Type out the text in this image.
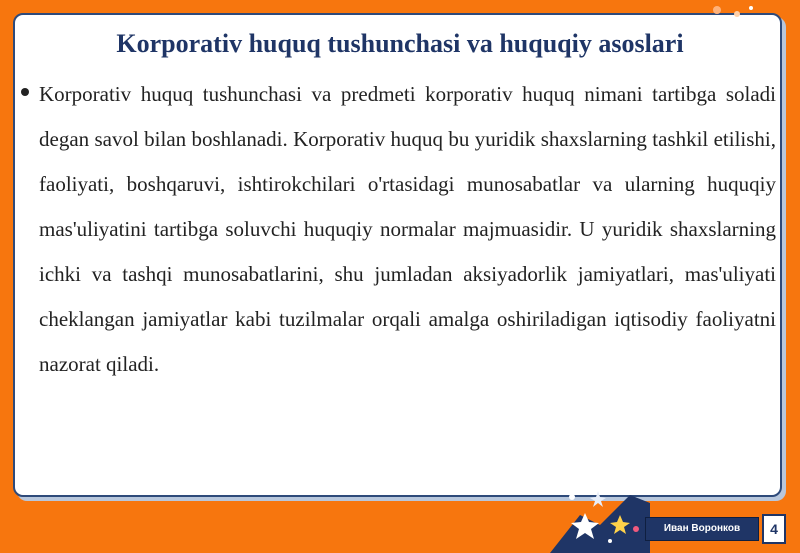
Korporativ huquq tushunchasi va huquqiy asoslari

Korporativ huquq tushunchasi va predmeti korporativ huquq nimani tartibga soladi degan savol bilan boshlanadi. Korporativ huquq bu yuridik shaxslarning tashkil etilishi, faoliyati, boshqaruvi, ishtirokchilari o'rtasidagi munosabatlar va ularning huquqiy mas'uliyatini tartibga soluvchi huquqiy normalar majmuasidir. U yuridik shaxslarning ichki va tashqi munosabatlarini, shu jumladan aksiyadorlik jamiyatlari, mas'uliyati cheklangan jamiyatlar kabi tuzilmalar orqali amalga oshiriladigan iqtisodiy faoliyatni nazorat qiladi.

Иван Воронков	4
